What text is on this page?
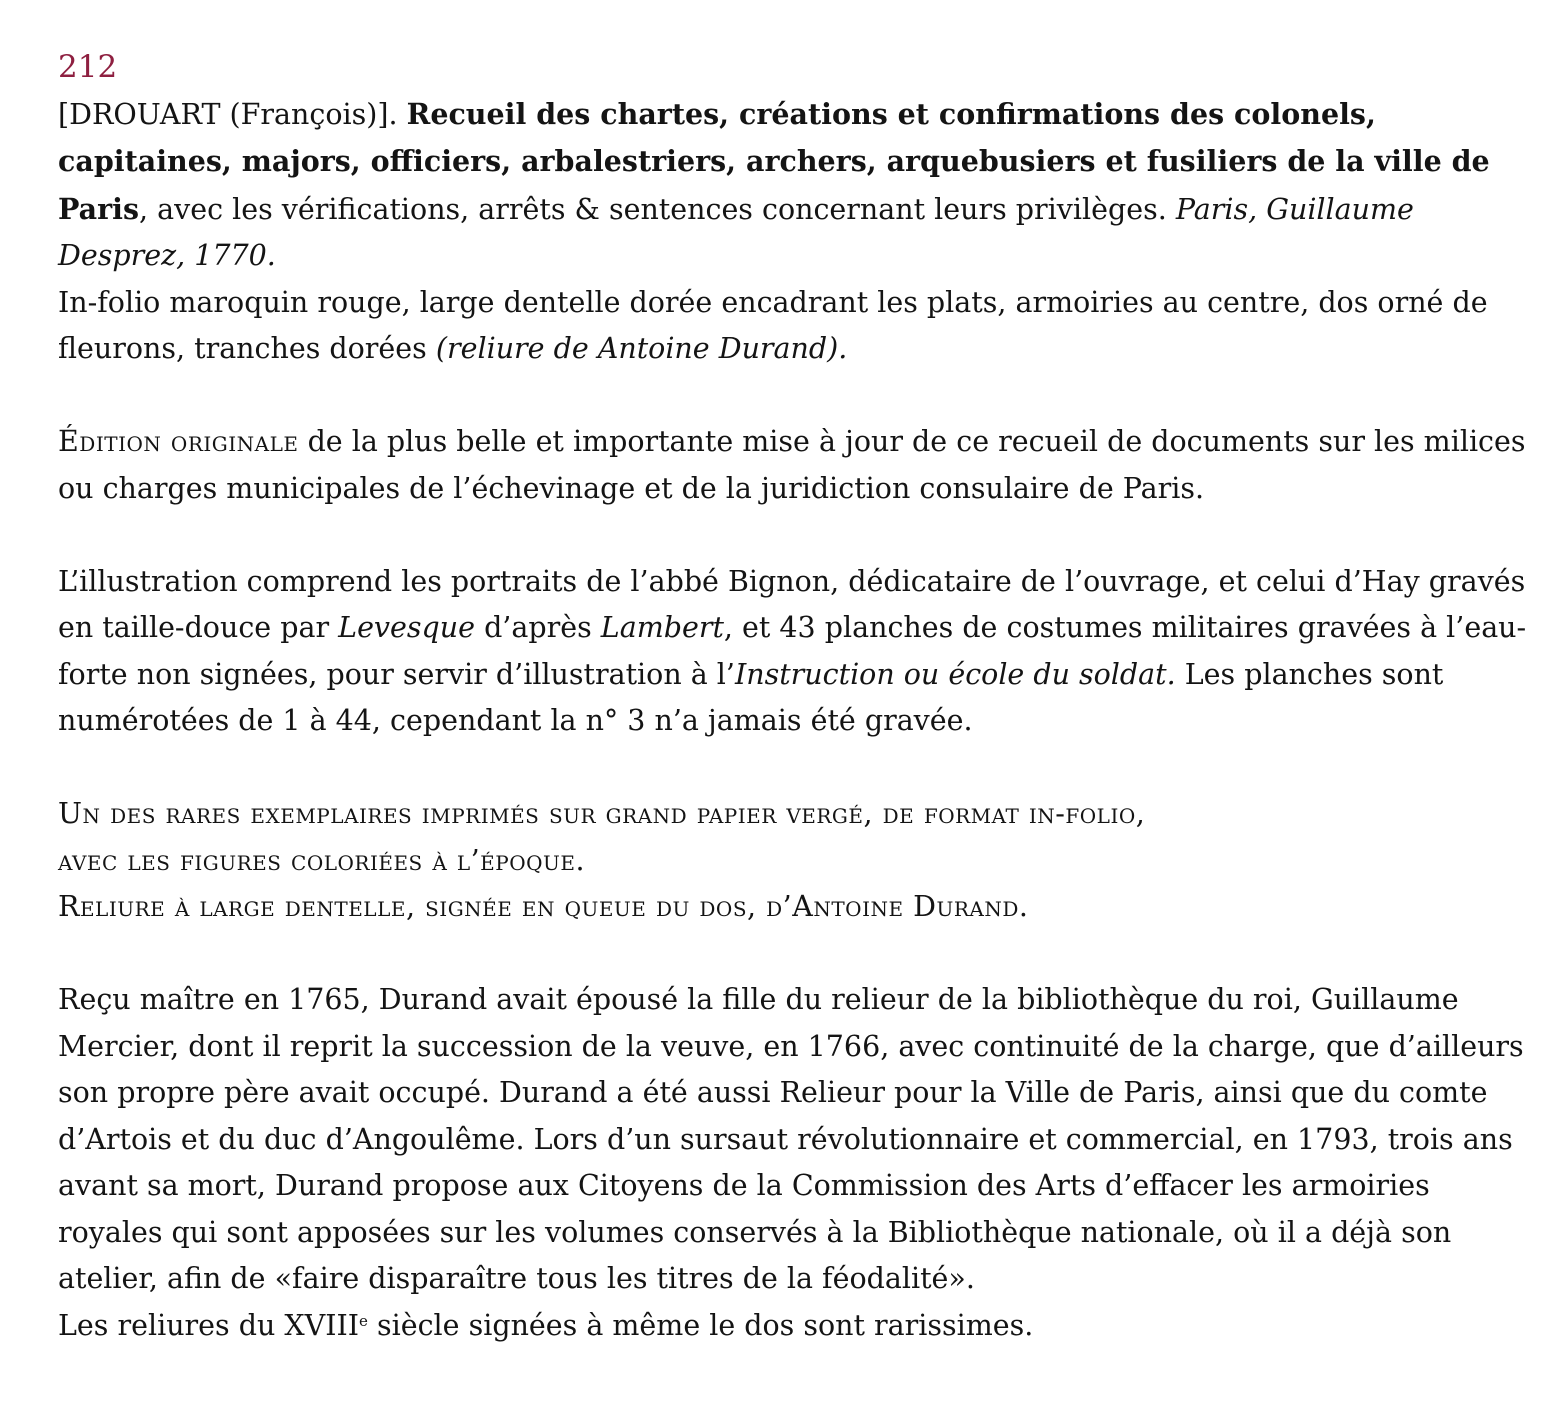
212

[DROUART (François)]. Recueil des chartes, créations et confirmations des colonels, capitaines, majors, officiers, arbalestriers, archers, arquebusiers et fusiliers de la ville de Paris, avec les vérifications, arrêts & sentences concernant leurs privilèges. Paris, Guillaume Desprez, 1770.

In-folio maroquin rouge, large dentelle dorée encadrant les plats, armoiries au centre, dos orné de fleurons, tranches dorées (reliure de Antoine Durand).

Édition originale de la plus belle et importante mise à jour de ce recueil de documents sur les milices ou charges municipales de l’échevinage et de la juridiction consulaire de Paris.

L’illustration comprend les portraits de l’abbé Bignon, dédicataire de l’ouvrage, et celui d’Hay gravés en taille-douce par Levesque d’après Lambert, et 43 planches de costumes militaires gravées à l’eau-forte non signées, pour servir d’illustration à l’Instruction ou école du soldat. Les planches sont numérotées de 1 à 44, cependant la n° 3 n’a jamais été gravée.

Un des rares exemplaires imprimés sur grand papier vergé, de format in-folio,

avec les figures coloriées à l’époque.

Reliure à large dentelle, signée en queue du dos, d’Antoine Durand.

Reçu maître en 1765, Durand avait épousé la fille du relieur de la bibliothèque du roi, Guillaume Mercier, dont il reprit la succession de la veuve, en 1766, avec continuité de la charge, que d’ailleurs son propre père avait occupé. Durand a été aussi Relieur pour la Ville de Paris, ainsi que du comte d’Artois et du duc d’Angoulême. Lors d’un sursaut révolutionnaire et commercial, en 1793, trois ans avant sa mort, Durand propose aux Citoyens de la Commission des Arts d’effacer les armoiries royales qui sont apposées sur les volumes conservés à la Bibliothèque nationale, où il a déjà son atelier, afin de «faire disparaître tous les titres de la féodalité».

Les reliures du XVIIIe siècle signées à même le dos sont rarissimes.
